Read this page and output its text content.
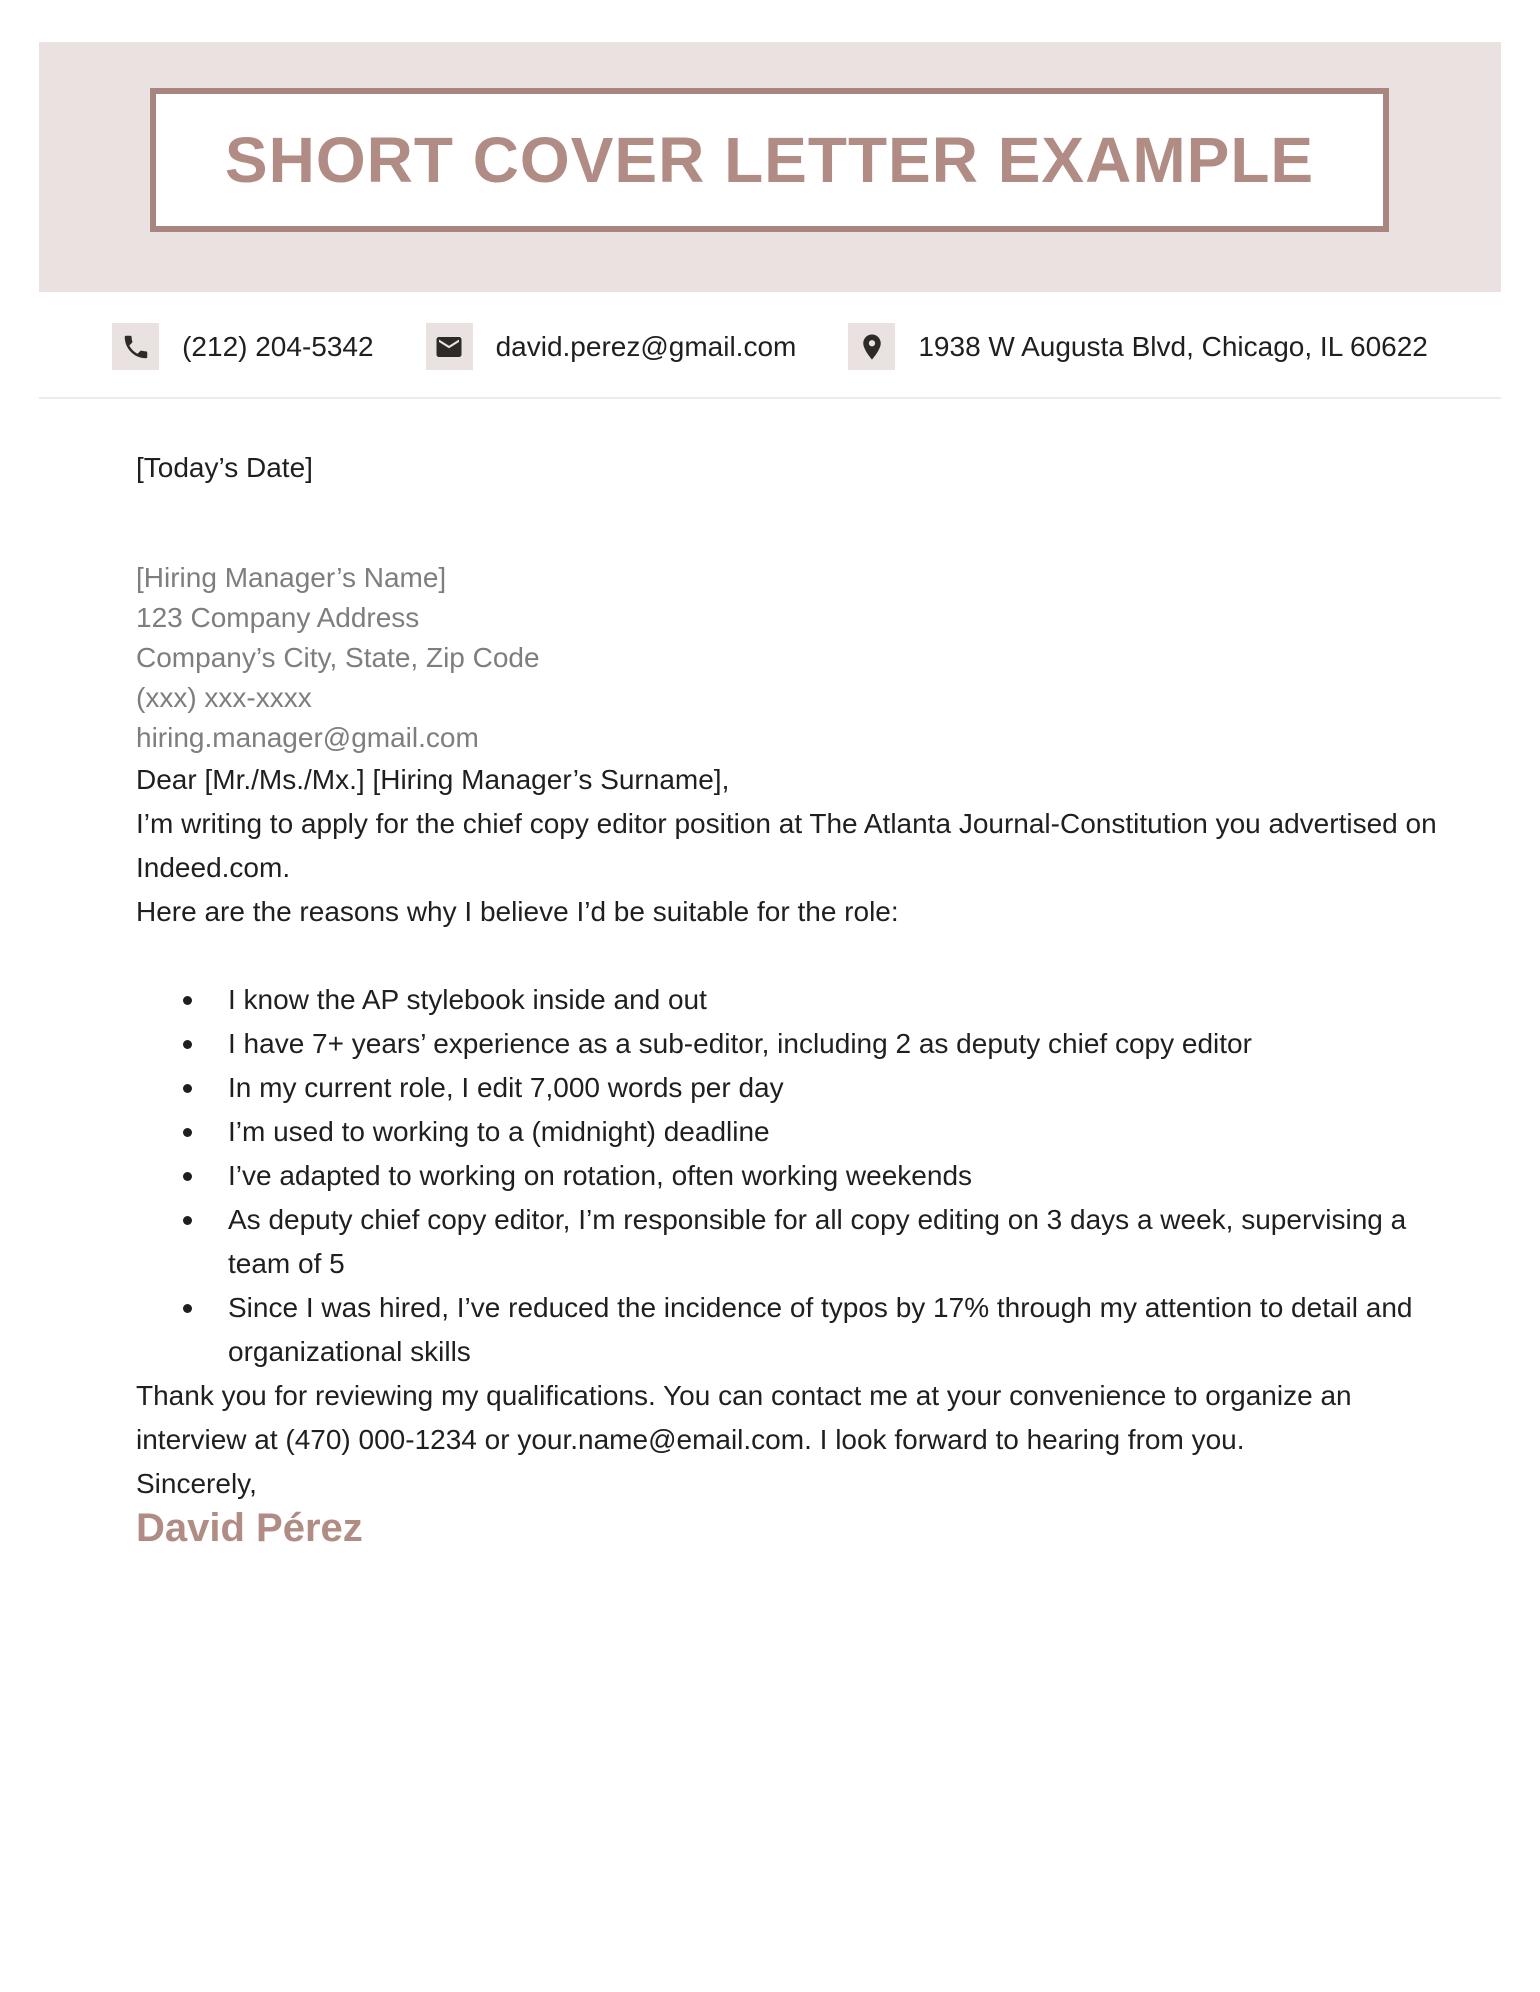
SHORT COVER LETTER EXAMPLE
(212) 204-5342	david.perez@gmail.com	1938 W Augusta Blvd, Chicago, IL 60622

[Today’s Date]

[Hiring Manager’s Name]

123 Company Address

Company’s City, State, Zip Code

(xxx) xxx-xxxx

hiring.manager@gmail.com

Dear [Mr./Ms./Mx.] [Hiring Manager’s Surname],

I’m writing to apply for the chief copy editor position at The Atlanta Journal-Constitution you advertised on Indeed.com.

Here are the reasons why I believe I’d be suitable for the role:

I know the AP stylebook inside and out
I have 7+ years’ experience as a sub-editor, including 2 as deputy chief copy editor
In my current role, I edit 7,000 words per day
I’m used to working to a (midnight) deadline
I’ve adapted to working on rotation, often working weekends
As deputy chief copy editor, I’m responsible for all copy editing on 3 days a week, supervising a team of 5
Since I was hired, I’ve reduced the incidence of typos by 17% through my attention to detail and organizational skills

Thank you for reviewing my qualifications. You can contact me at your convenience to organize an interview at (470) 000-1234 or your.name@email.com. I look forward to hearing from you.

Sincerely,

David Pérez
